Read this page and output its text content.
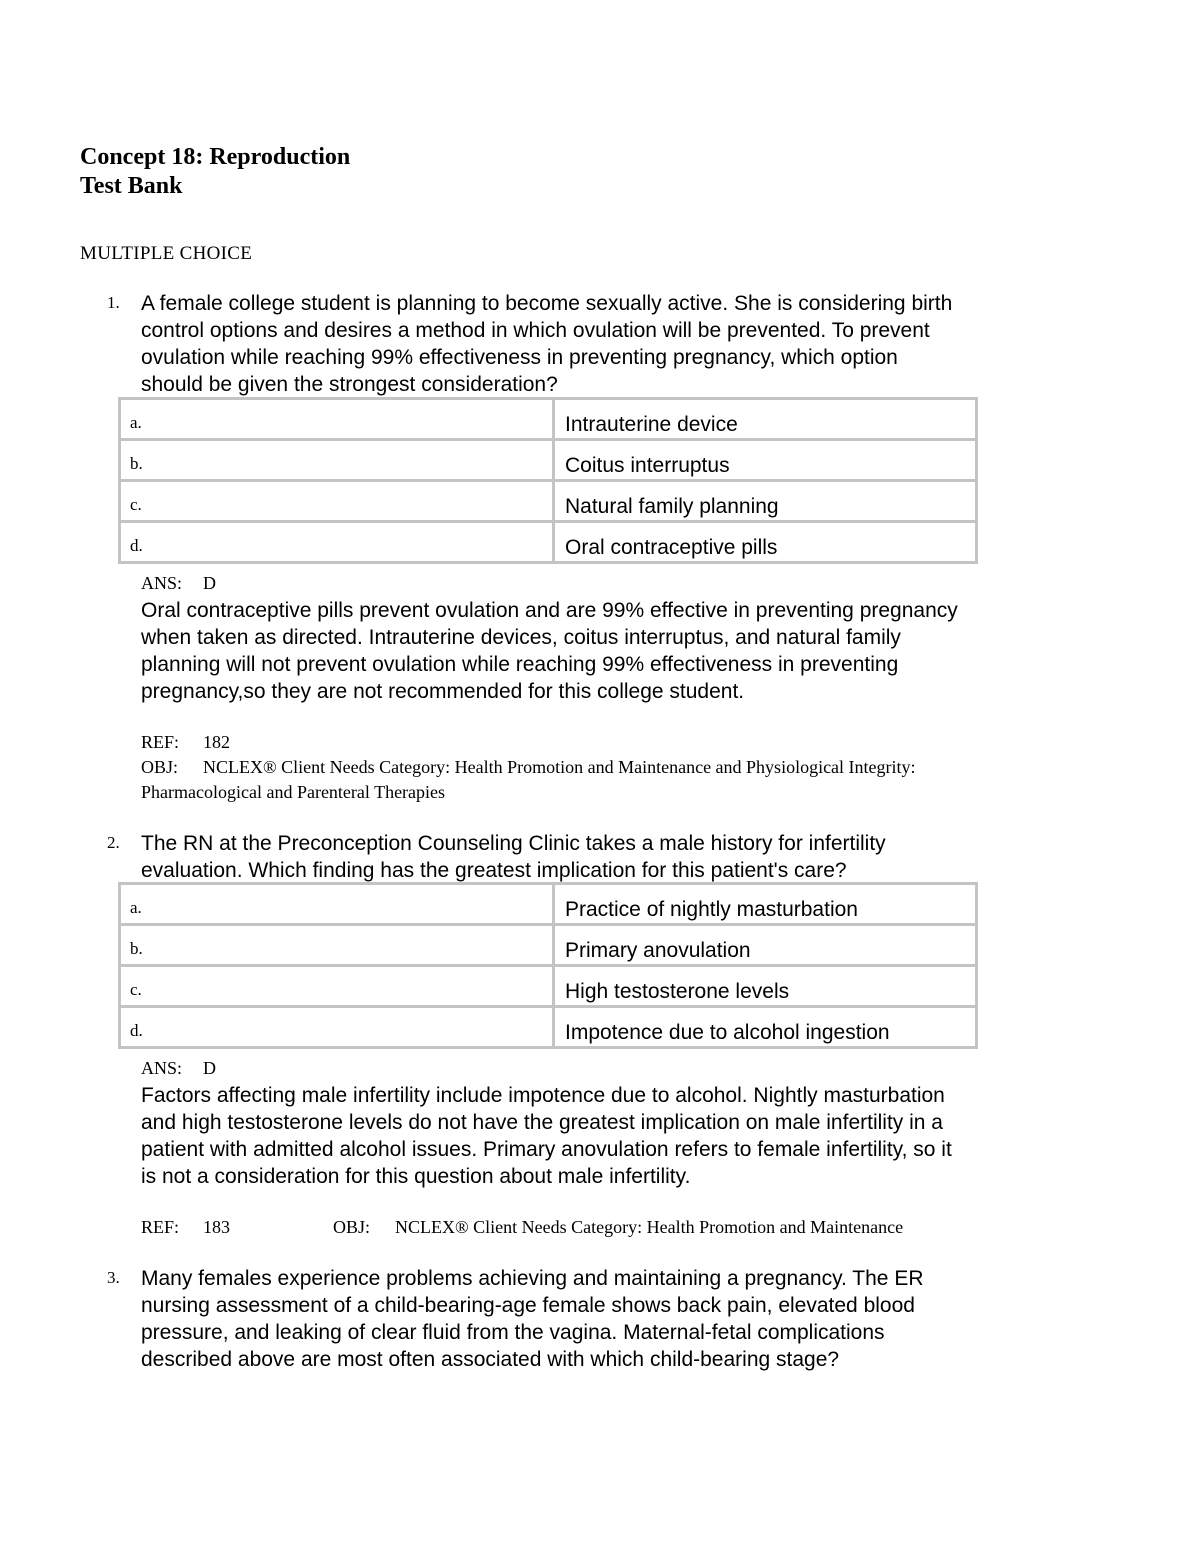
Concept 18: Reproduction
Test Bank
MULTIPLE CHOICE
1. A female college student is planning to become sexually active. She is considering birth
control options and desires a method in which ovulation will be prevented. To prevent
ovulation while reaching 99% effectiveness in preventing pregnancy, which option
should be given the strongest consideration?
a.	Intrauterine device
b.	Coitus interruptus
c.	Natural family planning
d.	Oral contraceptive pills
ANS: D
Oral contraceptive pills prevent ovulation and are 99% effective in preventing pregnancy
when taken as directed. Intrauterine devices, coitus interruptus, and natural family
planning will not prevent ovulation while reaching 99% effectiveness in preventing
pregnancy,so they are not recommended for this college student.
REF: 182
OBJ: NCLEX® Client Needs Category: Health Promotion and Maintenance and Physiological Integrity:
Pharmacological and Parenteral Therapies
2. The RN at the Preconception Counseling Clinic takes a male history for infertility
evaluation. Which finding has the greatest implication for this patient's care?
a.	Practice of nightly masturbation
b.	Primary anovulation
c.	High testosterone levels
d.	Impotence due to alcohol ingestion
ANS: D
Factors affecting male infertility include impotence due to alcohol. Nightly masturbation
and high testosterone levels do not have the greatest implication on male infertility in a
patient with admitted alcohol issues. Primary anovulation refers to female infertility, so it
is not a consideration for this question about male infertility.
REF: 183	OBJ: NCLEX® Client Needs Category: Health Promotion and Maintenance
3. Many females experience problems achieving and maintaining a pregnancy. The ER
nursing assessment of a child-bearing-age female shows back pain, elevated blood
pressure, and leaking of clear fluid from the vagina. Maternal-fetal complications
described above are most often associated with which child-bearing stage?
